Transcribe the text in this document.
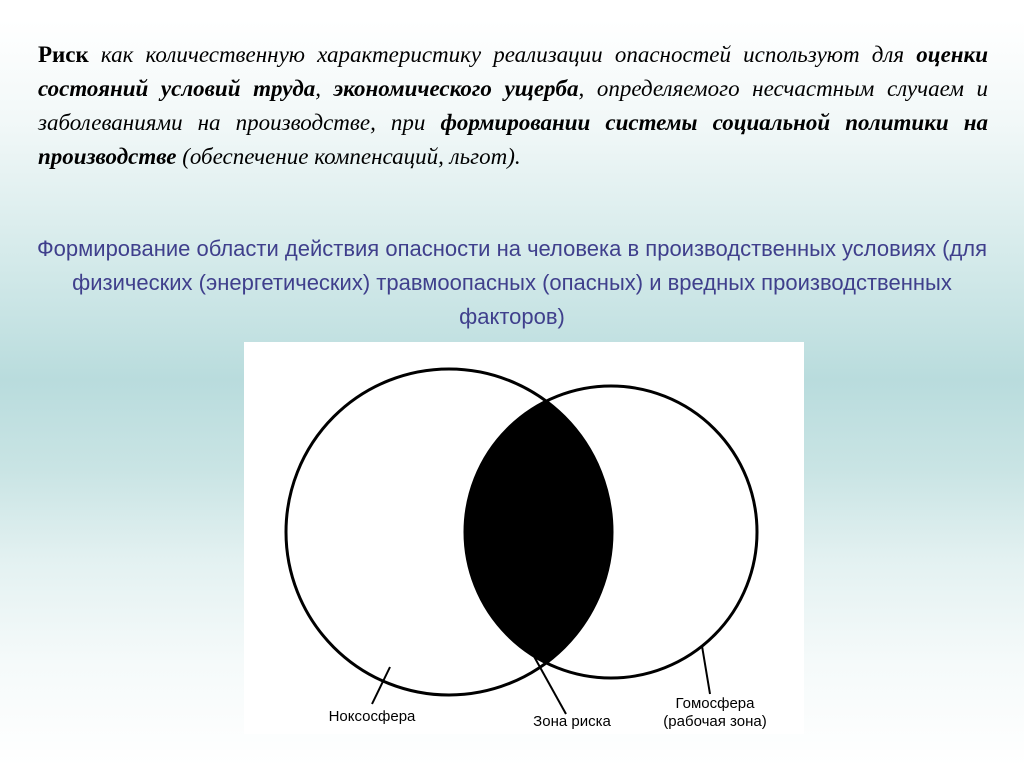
Риск как количественную характеристику реализации опасностей используют для оценки состояний условий труда, экономического ущерба, определяемого несчастным случаем и заболеваниями на производстве, при формировании системы социальной политики на производстве (обеспечение компенсаций, льгот).
Формирование области действия опасности на человека в производственных условиях (для физических (энергетических) травмоопасных (опасных) и вредных производственных факторов)
Ноксосфера	Зона риска
Гомосфера
(рабочая зона)
